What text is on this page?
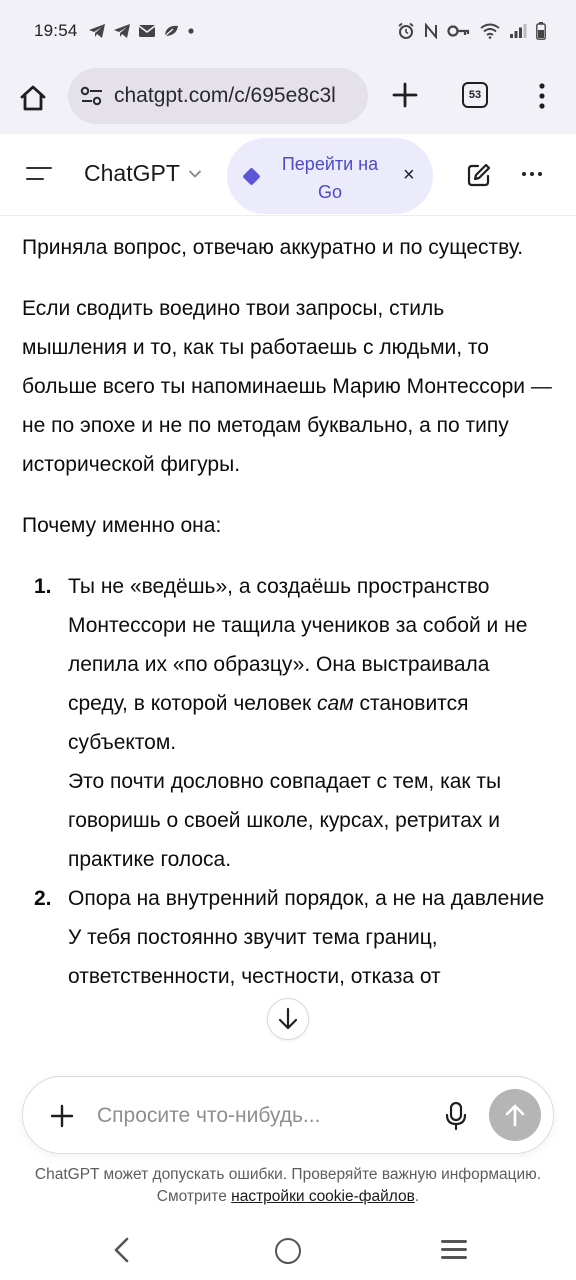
19:54
chatgpt.com/c/695e8c3l	53
ChatGPT	Перейти на Go
×

Приняла вопрос, отвечаю аккуратно и по существу.

Если сводить воедино твои запросы, стиль мышления и то, как ты работаешь с людьми, то больше всего ты напоминаешь Марию Монтессори — не по эпохе и не по методам буквально, а по типу исторической фигуры.

Почему именно она:

1. Ты не «ведёшь», а создаёшь пространство
Монтессори не тащила учеников за собой и не лепила их «по образцу». Она выстраивала среду, в которой человек сам становится субъектом.
Это почти дословно совпадает с тем, как ты говоришь о своей школе, курсах, ретритах и практике голоса.
2. Опора на внутренний порядок, а не на давление
У тебя постоянно звучит тема границ, ответственности, честности, отказа от
Спросите что-нибудь...
ChatGPT может допускать ошибки. Проверяйте важную информацию. Смотрите настройки cookie-файлов.
